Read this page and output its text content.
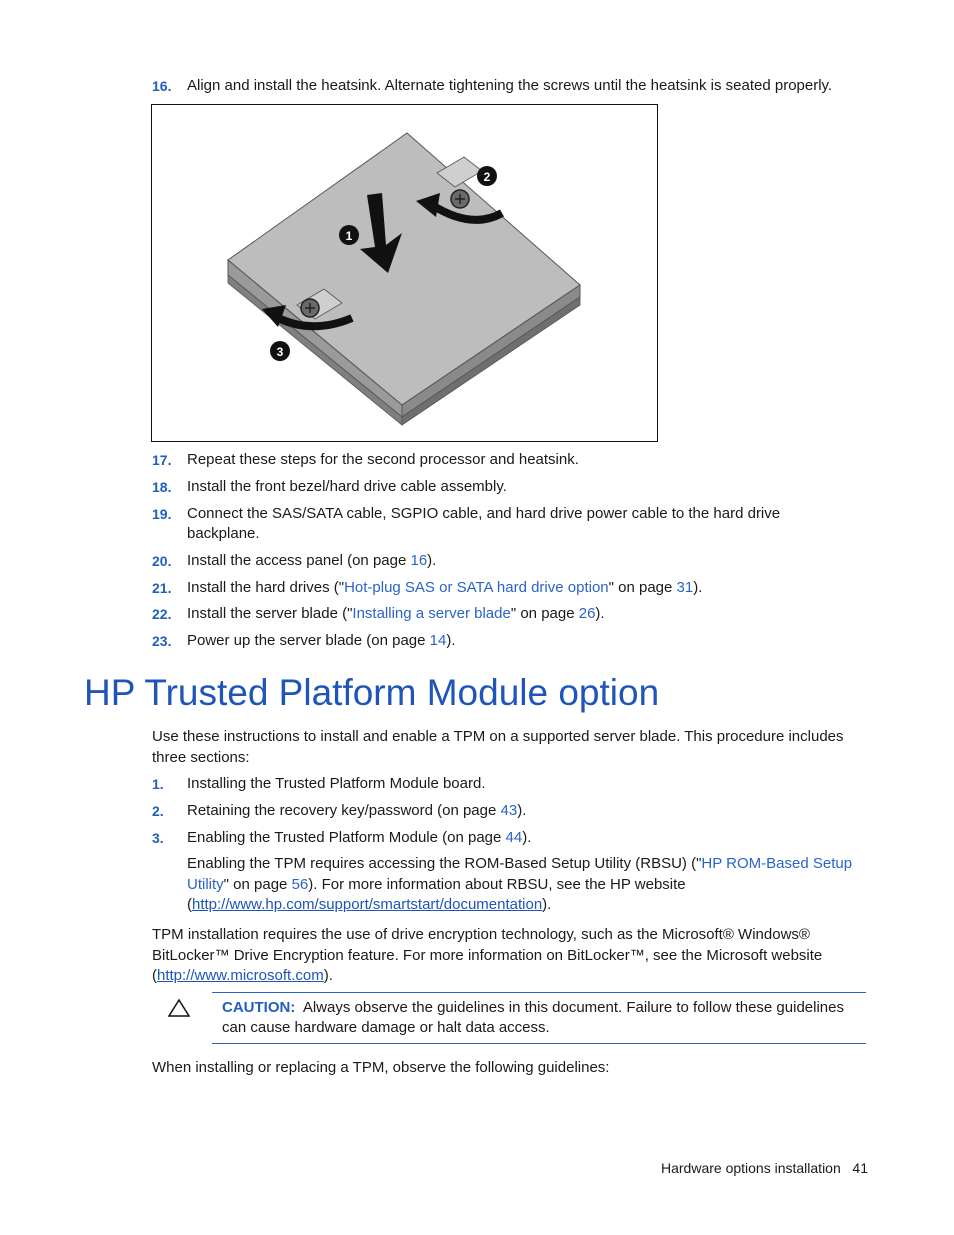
16. Align and install the heatsink. Alternate tightening the screws until the heatsink is seated properly.
1
2
3
17. Repeat these steps for the second processor and heatsink.
18. Install the front bezel/hard drive cable assembly.
19. Connect the SAS/SATA cable, SGPIO cable, and hard drive power cable to the hard drive
backplane.
20. Install the access panel (on page 16).
21. Install the hard drives ("Hot-plug SAS or SATA hard drive option" on page 31).
22. Install the server blade ("Installing a server blade" on page 26).
23. Power up the server blade (on page 14).
HP Trusted Platform Module option
Use these instructions to install and enable a TPM on a supported server blade. This procedure includes
three sections:
1. Installing the Trusted Platform Module board.
2. Retaining the recovery key/password (on page 43).
3. Enabling the Trusted Platform Module (on page 44).
Enabling the TPM requires accessing the ROM-Based Setup Utility (RBSU) ("HP ROM-Based Setup
Utility" on page 56). For more information about RBSU, see the HP website
(http://www.hp.com/support/smartstart/documentation).
TPM installation requires the use of drive encryption technology, such as the Microsoft® Windows®
BitLocker™ Drive Encryption feature. For more information on BitLocker™, see the Microsoft website
(http://www.microsoft.com).
CAUTION: Always observe the guidelines in this document. Failure to follow these guidelines
can cause hardware damage or halt data access.
When installing or replacing a TPM, observe the following guidelines:
Hardware options installation 41
